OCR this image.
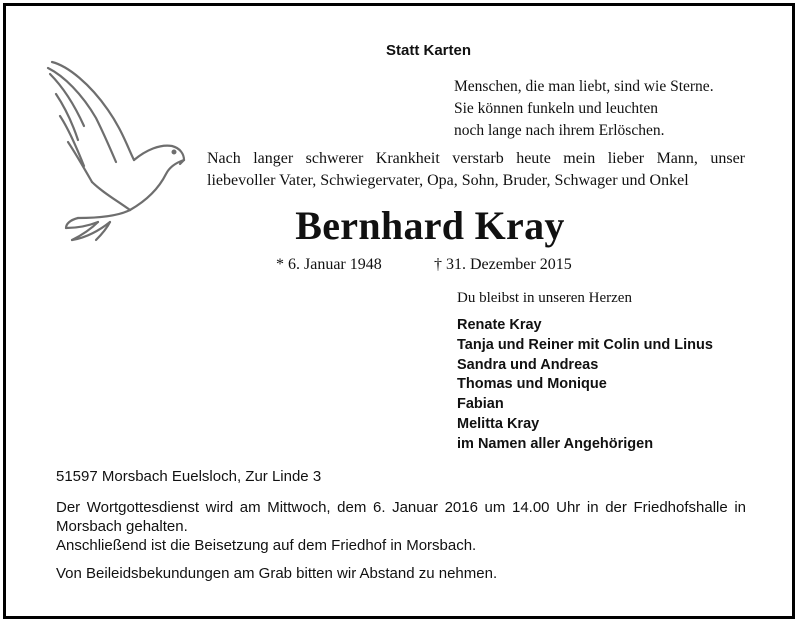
Statt Karten
Menschen, die man liebt, sind wie Sterne.
Sie können funkeln und leuchten
noch lange nach ihrem Erlöschen.
Nach langer schwerer Krankheit verstarb heute mein lieber Mann, unser
liebevoller Vater, Schwiegervater, Opa, Sohn, Bruder, Schwager und Onkel
Bernhard Kray
* 6. Januar 1948	† 31. Dezember 2015
Du bleibst in unseren Herzen
Renate Kray
Tanja und Reiner mit Colin und Linus
Sandra und Andreas
Thomas und Monique
Fabian
Melitta Kray
im Namen aller Angehörigen
51597 Morsbach Euelsloch, Zur Linde 3
Der Wortgottesdienst wird am Mittwoch, dem 6. Januar 2016 um 14.00 Uhr in der Friedhofshalle in
Morsbach gehalten.
Anschließend ist die Beisetzung auf dem Friedhof in Morsbach.
Von Beileidsbekundungen am Grab bitten wir Abstand zu nehmen.
